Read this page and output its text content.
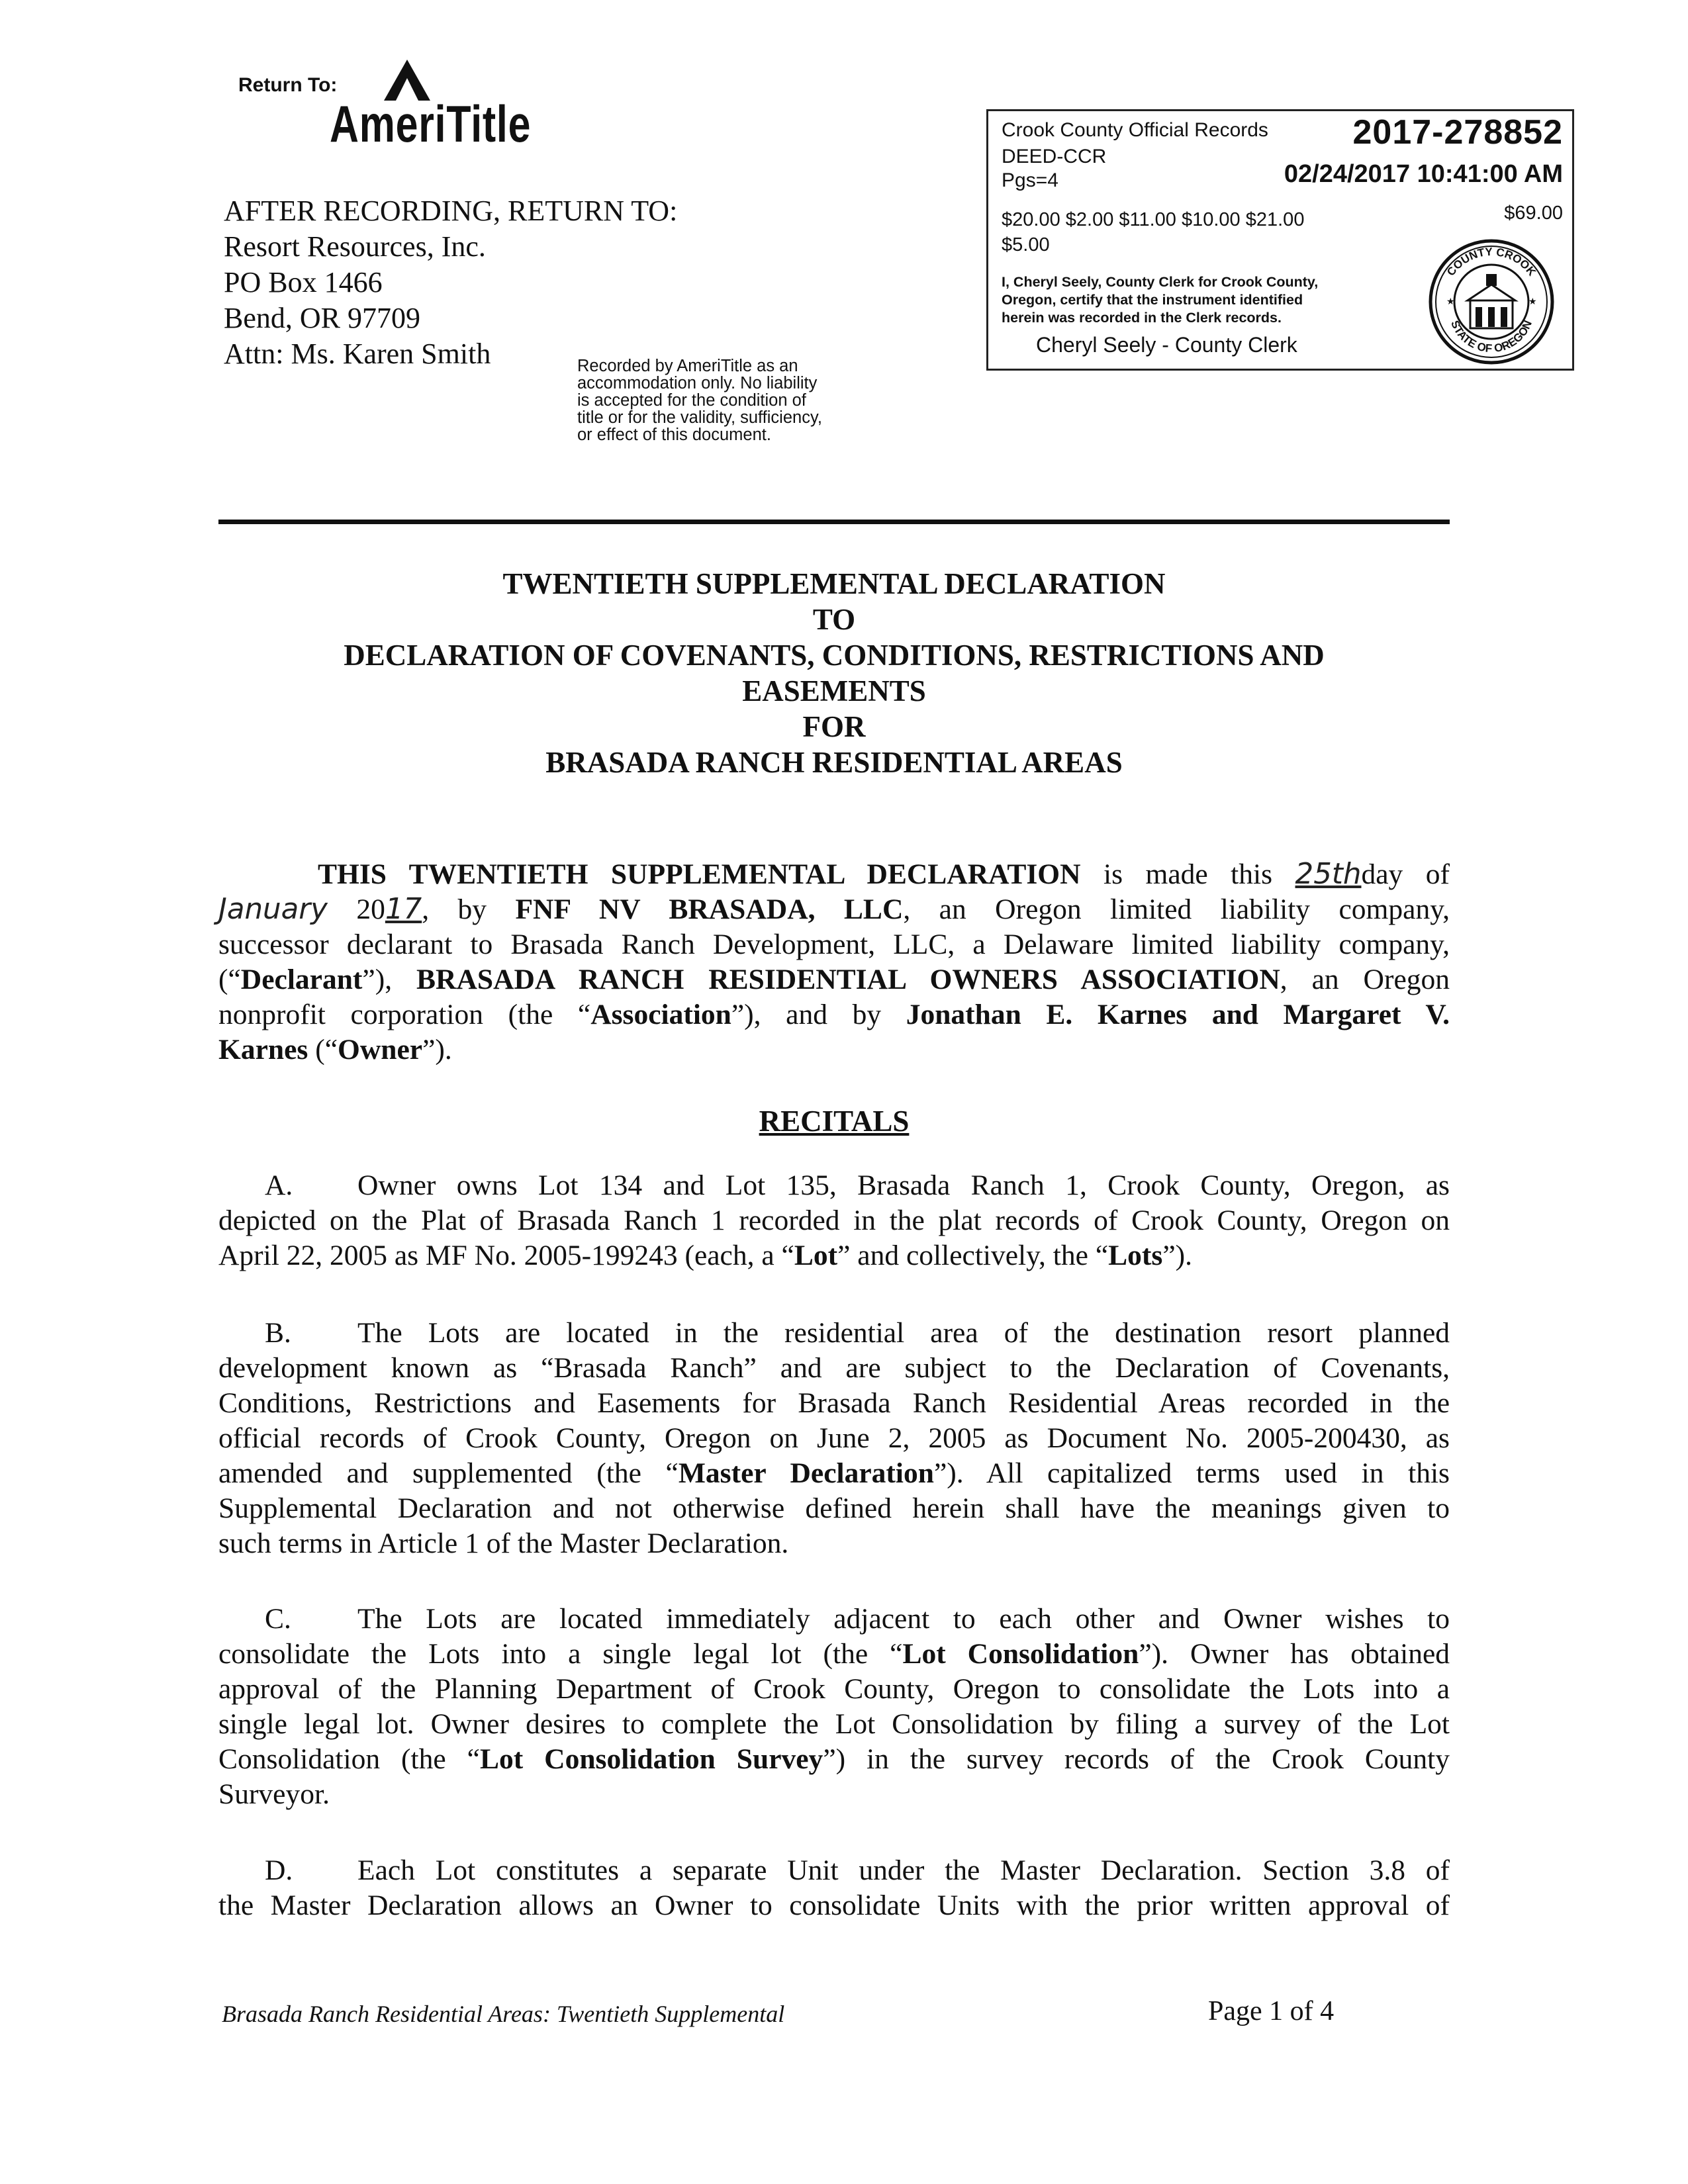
Return To:
AmeriTitle
AFTER RECORDING, RETURN TO:
Resort Resources, Inc.
PO Box 1466
Bend, OR 97709
Attn: Ms. Karen Smith	Recorded by AmeriTitle as an
accommodation only. No liability
is accepted for the condition of
title or for the validity, sufficiency,
or effect of this document.
Crook County Official Records 2017-278852
DEED-CCR
Pgs=4	02/24/2017 10:41:00 AM
$20.00 $2.00 $11.00 $10.00 $21.00
$5.00
$69.00
I, Cheryl Seely, County Clerk for Crook County,
Oregon, certify that the instrument identified
herein was recorded in the Clerk records.
Cheryl Seely - County Clerk
COUNTY CROOK
STATE OF OREGON
★	★
TWENTIETH SUPPLEMENTAL DECLARATION
TO
DECLARATION OF COVENANTS, CONDITIONS, RESTRICTIONS AND
EASEMENTS
FOR
BRASADA RANCH RESIDENTIAL AREAS
THIS TWENTIETH SUPPLEMENTAL DECLARATION is made this 25thday of
January 2017, by FNF NV BRASADA, LLC, an Oregon limited liability company,
successor declarant to Brasada Ranch Development, LLC, a Delaware limited liability company,
(“Declarant”), BRASADA RANCH RESIDENTIAL OWNERS ASSOCIATION, an Oregon
nonprofit corporation (the “Association”), and by Jonathan E. Karnes and Margaret V.
Karnes (“Owner”).
RECITALS
A. Owner owns Lot 134 and Lot 135, Brasada Ranch 1, Crook County, Oregon, as
depicted on the Plat of Brasada Ranch 1 recorded in the plat records of Crook County, Oregon on
April 22, 2005 as MF No. 2005-199243 (each, a “Lot” and collectively, the “Lots”).
B. The Lots are located in the residential area of the destination resort planned
development known as “Brasada Ranch” and are subject to the Declaration of Covenants,
Conditions, Restrictions and Easements for Brasada Ranch Residential Areas recorded in the
official records of Crook County, Oregon on June 2, 2005 as Document No. 2005-200430, as
amended and supplemented (the “Master Declaration”). All capitalized terms used in this
Supplemental Declaration and not otherwise defined herein shall have the meanings given to
such terms in Article 1 of the Master Declaration.
C. The Lots are located immediately adjacent to each other and Owner wishes to
consolidate the Lots into a single legal lot (the “Lot Consolidation”). Owner has obtained
approval of the Planning Department of Crook County, Oregon to consolidate the Lots into a
single legal lot. Owner desires to complete the Lot Consolidation by filing a survey of the Lot
Consolidation (the “Lot Consolidation Survey”) in the survey records of the Crook County
Surveyor.
D. Each Lot constitutes a separate Unit under the Master Declaration. Section 3.8 of
the Master Declaration allows an Owner to consolidate Units with the prior written approval of
Brasada Ranch Residential Areas: Twentieth Supplemental	Page 1 of 4
